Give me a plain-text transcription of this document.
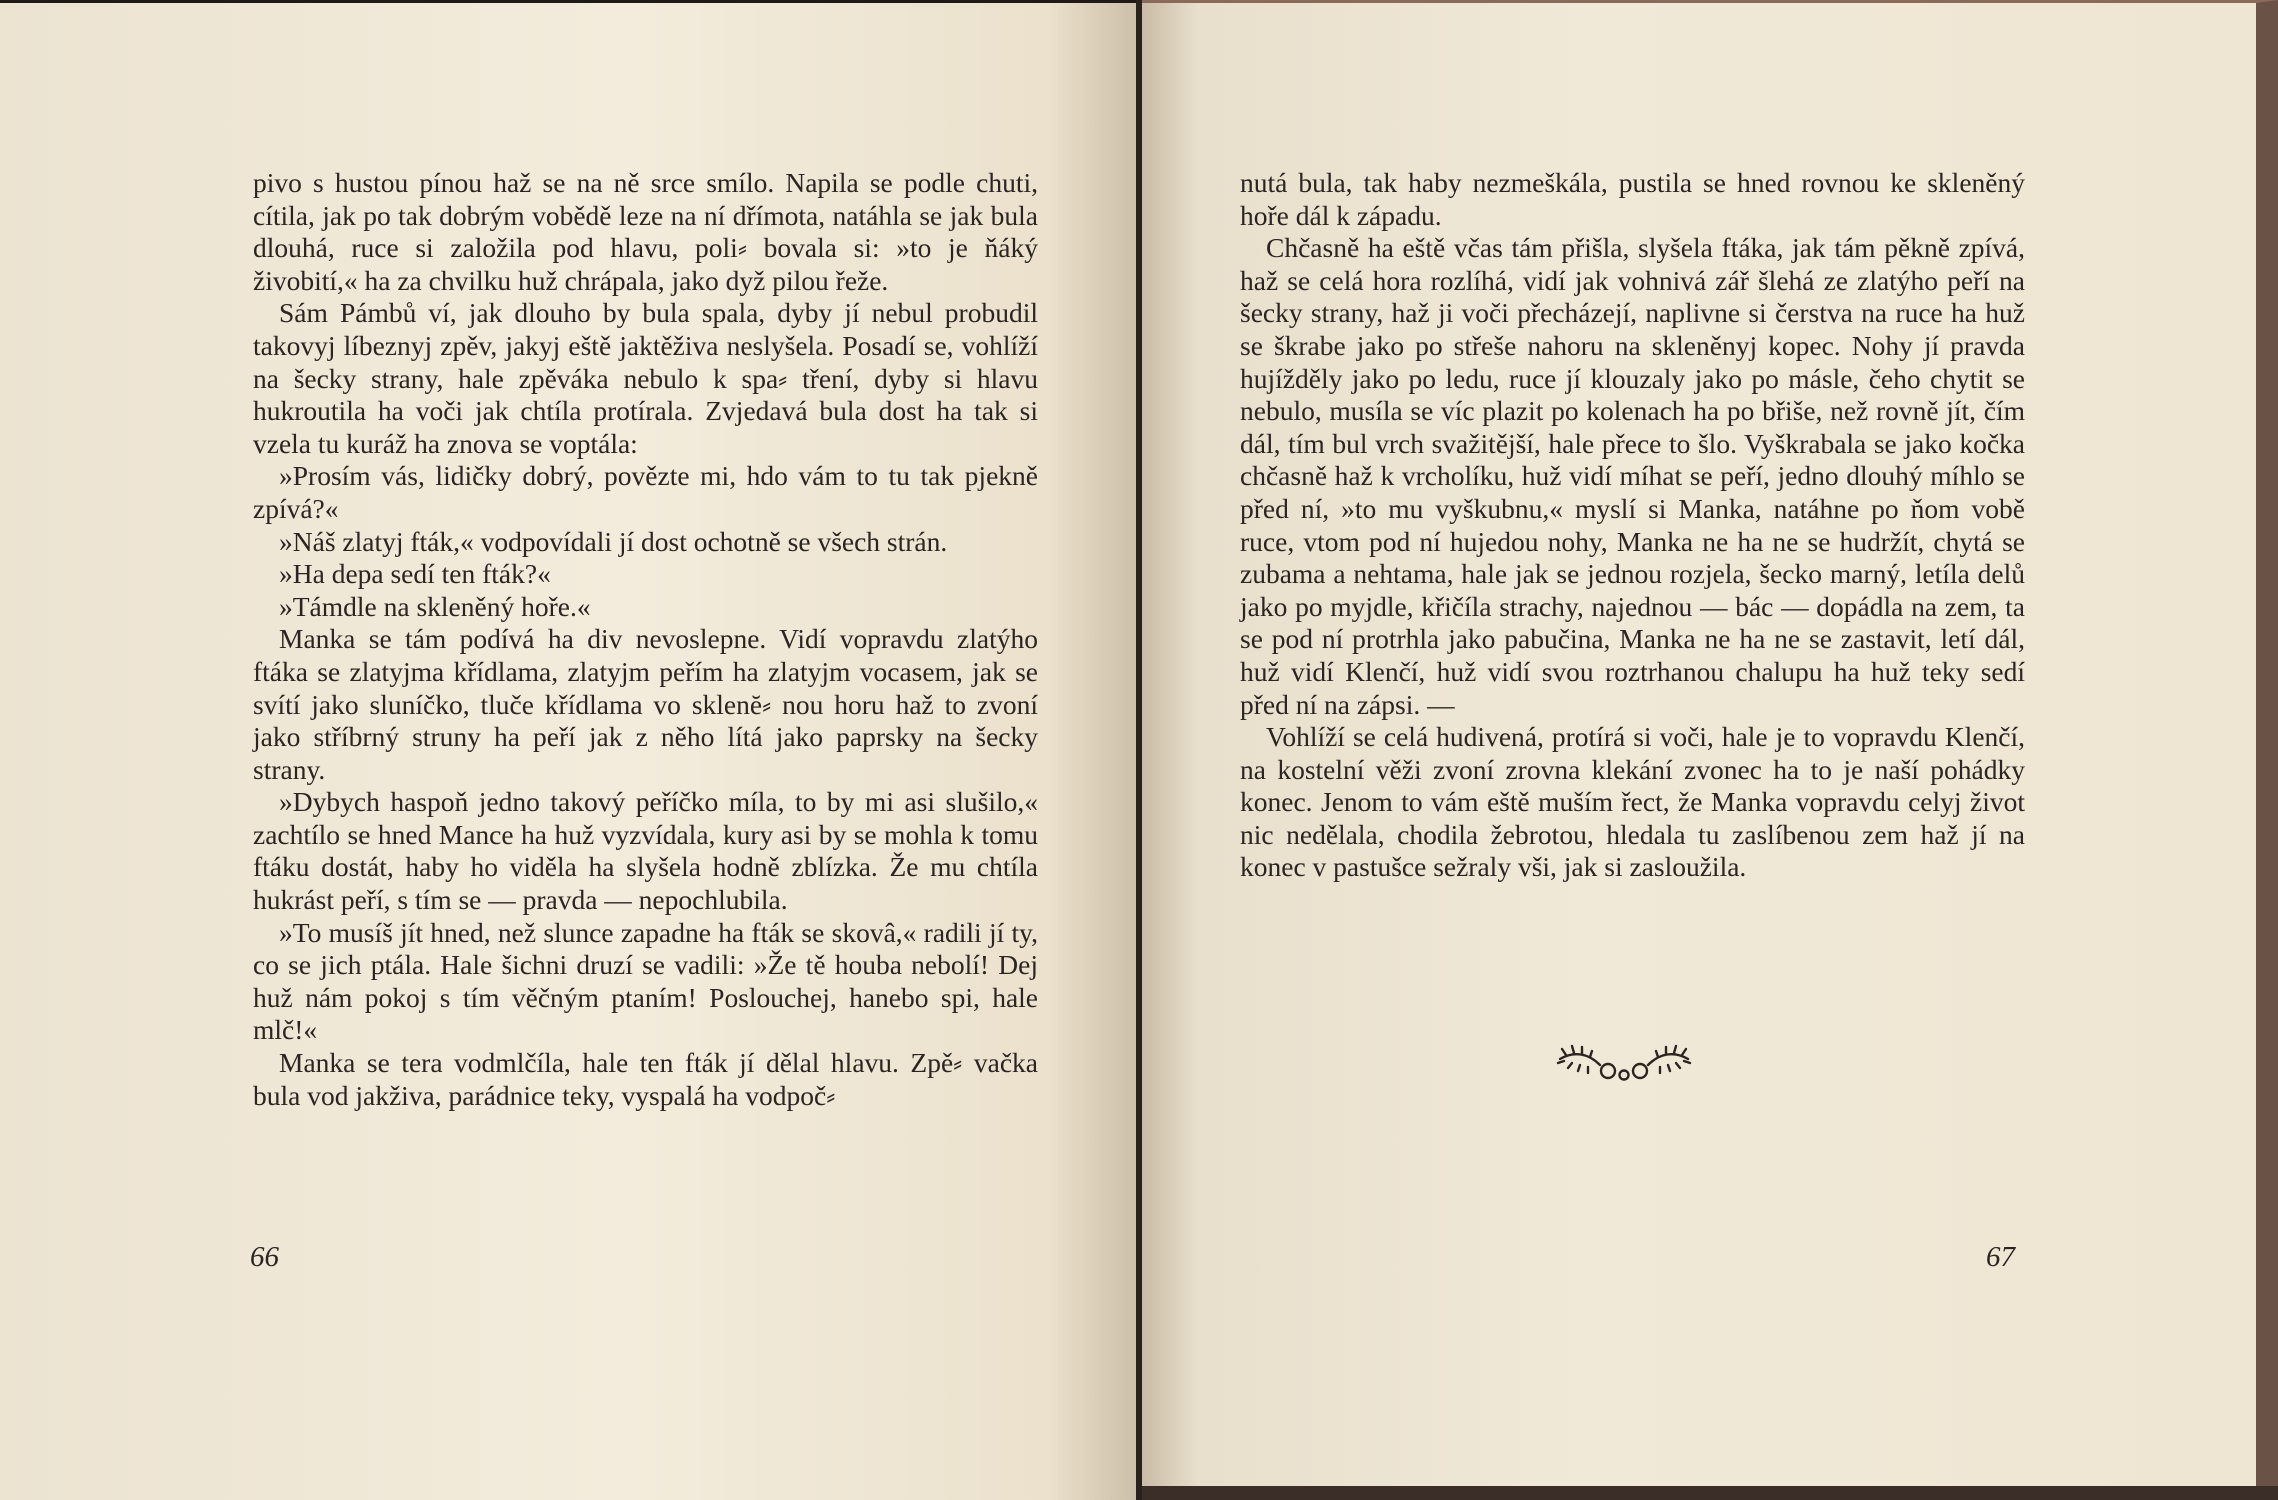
pivo s hustou pínou haž se na ně srce smílo. Napila se podle chuti, cítila, jak po tak dobrým vobědě leze na ní dřímota, natáhla se jak bula dlouhá, ruce si založila pod hlavu, poli⸗ bovala si: »to je ňáký živobití,« ha za chvilku huž chrápala, jako dyž pilou řeže.

Sám Pámbů ví, jak dlouho by bula spala, dyby jí nebul probudil takovyj líbeznyj zpěv, jakyj eště jaktěživa neslyšela. Posadí se, vohlíží na šecky strany, hale zpěváka nebulo k spa⸗ tření, dyby si hlavu hukroutila ha voči jak chtíla protírala. Zvjedavá bula dost ha tak si vzela tu kuráž ha znova se voptála:

»Prosím vás, lidičky dobrý, povězte mi, hdo vám to tu tak pjekně zpívá?«

»Náš zlatyj fták,« vodpovídali jí dost ochotně se všech strán.

»Ha depa sedí ten fták?«

»Támdle na skleněný hoře.«

Manka se tám podívá ha div nevoslepne. Vidí vopravdu zlatýho ftáka se zlatyjma křídlama, zlatyjm peřím ha zlatyjm vocasem, jak se svítí jako sluníčko, tluče křídlama vo sklenĕ⸗ nou horu haž to zvoní jako stříbrný struny ha peří jak z něho lítá jako paprsky na šecky strany.

»Dybych haspoň jedno takový peříčko míla, to by mi asi slušilo,« zachtílo se hned Mance ha huž vyzvídala, kury asi by se mohla k tomu ftáku dostát, haby ho viděla ha slyšela hodně zblízka. Že mu chtíla hukrást peří, s tím se — pravda — nepochlubila.

»To musíš jít hned, než slunce zapadne ha fták se skovâ,« radili jí ty, co se jich ptála. Hale šichni druzí se vadili: »Že tě houba nebolí! Dej huž nám pokoj s tím věčným ptaním! Poslouchej, hanebo spi, hale mlč!«

Manka se tera vodmlčíla, hale ten fták jí dělal hlavu. Zpě⸗ vačka bula vod jakživa, parádnice teky, vyspalá ha vodpoč⸗

66

nutá bula, tak haby nezmeškála, pustila se hned rovnou ke skleněný hoře dál k západu.

Chčasně ha eště včas tám přišla, slyšela ftáka, jak tám pěkně zpívá, haž se celá hora rozlíhá, vidí jak vohnivá zář šlehá ze zlatýho peří na šecky strany, haž ji voči přecházejí, naplivne si čerstva na ruce ha huž se škrabe jako po střeše nahoru na skleněnyj kopec. Nohy jí pravda hujížděly jako po ledu, ruce jí klouzaly jako po másle, čeho chytit se nebulo, musíla se víc plazit po kolenach ha po břiše, než rovně jít, čím dál, tím bul vrch svažitější, hale přece to šlo. Vyškrabala se jako kočka chčasně haž k vrcholíku, huž vidí míhat se peří, jedno dlouhý míhlo se před ní, »to mu vyškubnu,« myslí si Manka, natáhne po ňom vobě ruce, vtom pod ní hujedou nohy, Manka ne ha ne se hudržít, chytá se zubama a nehtama, hale jak se jednou rozjela, šecko marný, letíla delů jako po myjdle, křičíla strachy, najednou — bác — dopádla na zem, ta se pod ní protrhla jako pabučina, Manka ne ha ne se zastavit, letí dál, huž vidí Klenčí, huž vidí svou roztrhanou chalupu ha huž teky sedí před ní na zápsi. —

Vohlíží se celá hudivená, protírá si voči, hale je to vopravdu Klenčí, na kostelní věži zvoní zrovna klekání zvonec ha to je naší pohádky konec. Jenom to vám eště muším řect, že Manka vopravdu celyj život nic nedělala, chodila žebrotou, hledala tu zaslíbenou zem haž jí na konec v pastušce sežraly vši, jak si zasloužila.

67
